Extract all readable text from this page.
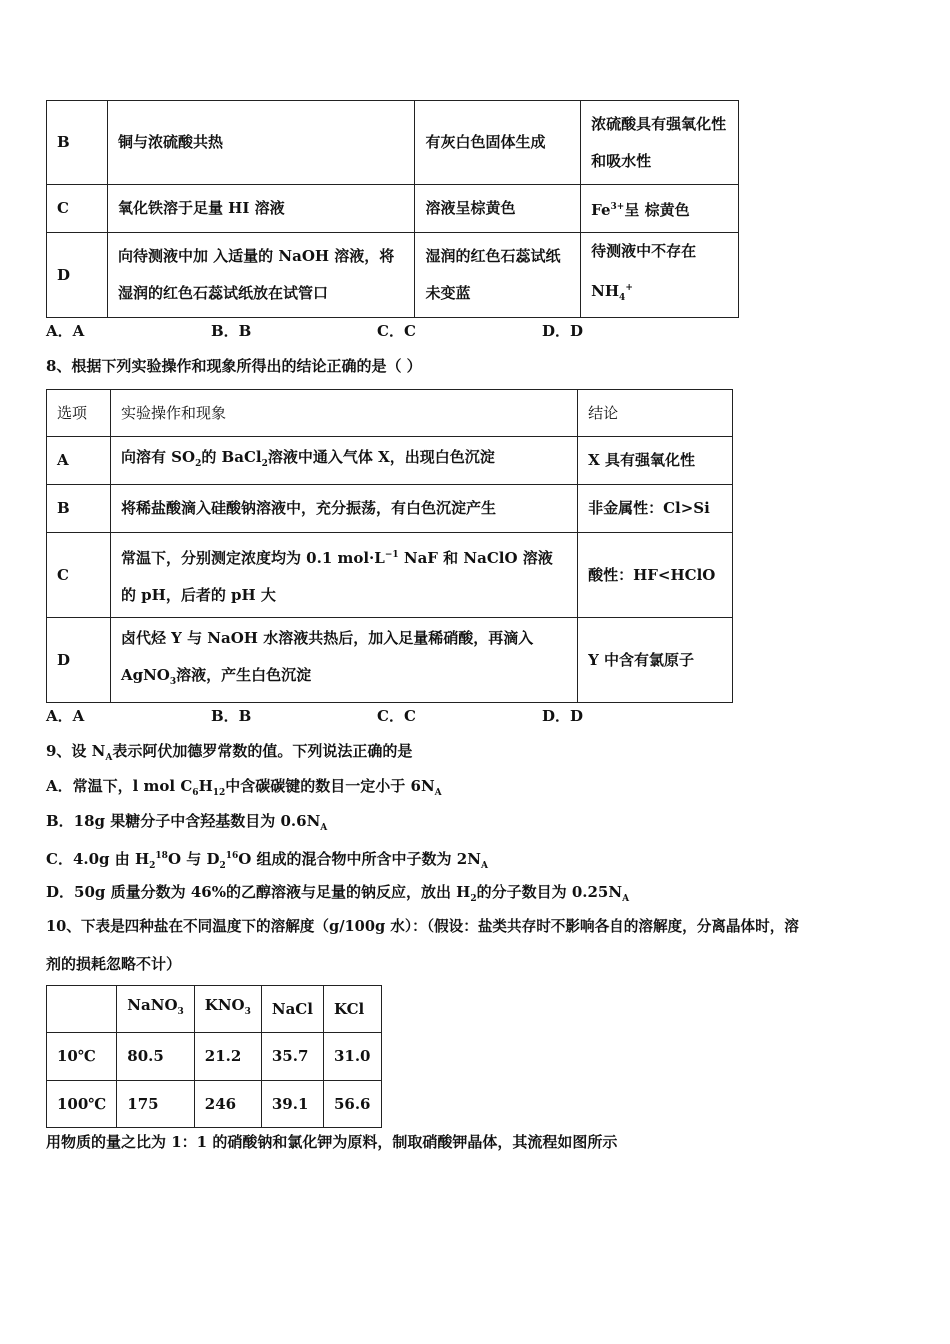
B	铜与浓硫酸共热	有灰白色固体生成	浓硫酸具有强氧化性和吸水性
C	氧化铁溶于足量 HI 溶液	溶液呈棕黄色	$Fe^{3+}$呈 棕黄色
D	向待测液中加 入适量的 NaOH 溶液，将湿润的红色石蕊试纸放在试管口	湿润的红色石蕊试纸未变蓝	待测液中不存在$NH_4^+$
A．A	B．B	C．C	D．D
8、根据下列实验操作和现象所得出的结论正确的是（ ）
选项	实验操作和现象	结论
A	向溶有 $SO_2$的 BaCl$_2$溶液中通入气体 X，出现白色沉淀	X 具有强氧化性
B	将稀盐酸滴入硅酸钠溶液中，充分振荡，有白色沉淀产生	非金属性：Cl>Si
C	常温下，分别测定浓度均为 0.1 $mol\cdot L^{-1}$ NaF 和 NaClO 溶液的 pH，后者的 pH 大	酸性：HF<HClO
D	卤代烃 Y 与 NaOH 水溶液共热后，加入足量稀硝酸，再滴入 AgNO$_3$溶液，产生白色沉淀	Y 中含有氯原子
A．A	B．B	C．C	D．D
9、设 $N_A$表示阿伏加德罗常数的值。下列说法正确的是
A．常温下，l mol $C_6H_{12}$中含碳碳键的数目一定小于 $6N_A$
B．18g 果糖分子中含羟基数目为 $0.6N_A$
C．4.0g 由 $H_2^{18}O$ 与 $D_2^{16}O$ 组成的混合物中所含中子数为 $2N_A$
D．50g 质量分数为 46%的乙醇溶液与足量的钠反应，放出 $H_2$的分子数目为 $0.25N_A$
10、下表是四种盐在不同温度下的溶解度（g/100g 水）：（假设：盐类共存时不影响各自的溶解度，分离晶体时，溶
剂的损耗忽略不计）
	NaNO$_3$	$KNO_3$	NaCl	KCl
10℃	80.5	21.2	35.7	31.0
100℃	175	246	39.1	56.6
用物质的量之比为 1：1 的硝酸钠和氯化钾为原料，制取硝酸钾晶体，其流程如图所示
